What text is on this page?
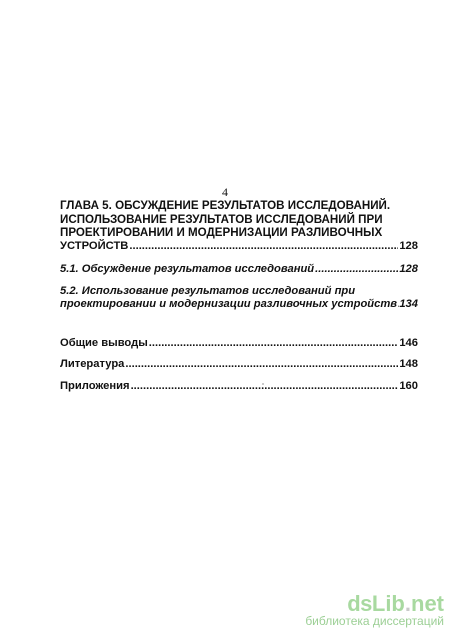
4
ГЛАВА 5. ОБСУЖДЕНИЕ РЕЗУЛЬТАТОВ ИССЛЕДОВАНИЙ.
ИСПОЛЬЗОВАНИЕ РЕЗУЛЬТАТОВ ИССЛЕДОВАНИЙ ПРИ
ПРОЕКТИРОВАНИИ И МОДЕРНИЗАЦИИ РАЗЛИВОЧНЫХ
УСТРОЙСТВ .....	128
5.1. Обсуждение результатов исследований .....	128
5.2. Использование результатов исследований при
проектировании и модернизации разливочных устройств ..... 134
Общие выводы .....	146
Литература .....	148
Приложения .....	160
ds Lib . net
библиотека диссертаций
